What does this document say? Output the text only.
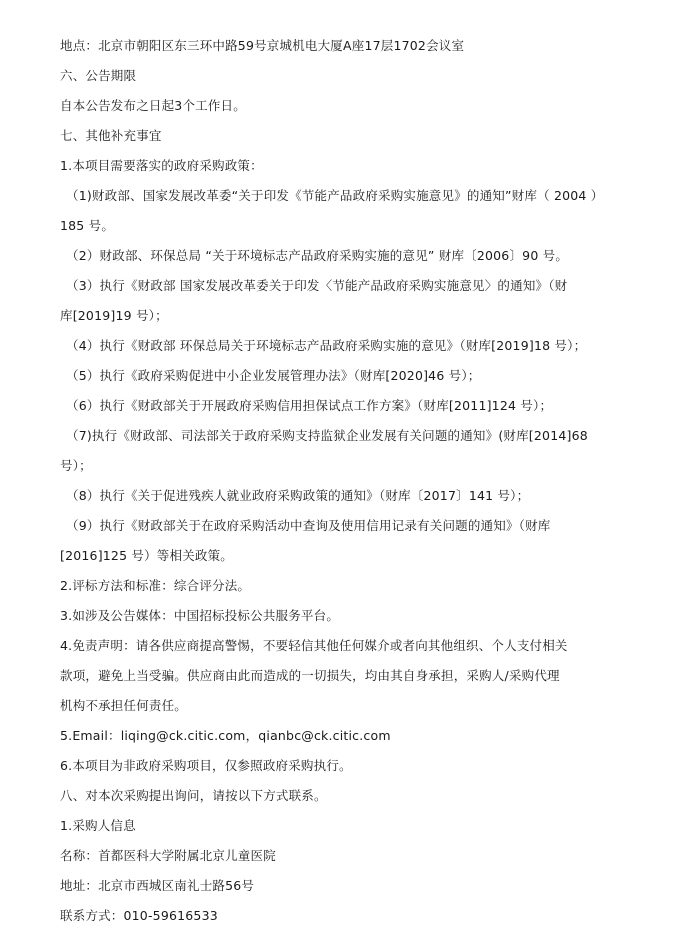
地点：北京市朝阳区东三环中路59号京城机电大厦A座17层1702会议室
六、公告期限
自本公告发布之日起3个工作日。
七、其他补充事宜
1.本项目需要落实的政府采购政策：
（1)财政部、国家发展改革委“关于印发《节能产品政府采购实施意见》的通知”财库（ 2004 ）
185 号。
（2）财政部、环保总局 “关于环境标志产品政府采购实施的意见” 财库〔2006〕90 号。
（3）执行《财政部 国家发展改革委关于印发〈节能产品政府采购实施意见〉的通知》（财
库[2019]19 号）；
（4）执行《财政部 环保总局关于环境标志产品政府采购实施的意见》（财库[2019]18 号）；
（5）执行《政府采购促进中小企业发展管理办法》（财库[2020]46 号）；
（6）执行《财政部关于开展政府采购信用担保试点工作方案》（财库[2011]124 号）；
（7)执行《财政部、司法部关于政府采购支持监狱企业发展有关问题的通知》(财库[2014]68
号）；
（8）执行《关于促进残疾人就业政府采购政策的通知》（财库〔2017〕141 号）；
（9）执行《财政部关于在政府采购活动中查询及使用信用记录有关问题的通知》（财库
[2016]125 号）等相关政策。
2.评标方法和标准：综合评分法。
3.如涉及公告媒体：中国招标投标公共服务平台。
4.免责声明：请各供应商提高警惕，不要轻信其他任何媒介或者向其他组织、个人支付相关
款项，避免上当受骗。供应商由此而造成的一切损失，均由其自身承担，采购人/采购代理
机构不承担任何责任。
5.Email：liqing@ck.citic.com，qianbc@ck.citic.com
6.本项目为非政府采购项目，仅参照政府采购执行。
八、对本次采购提出询问，请按以下方式联系。
1.采购人信息
名称：首都医科大学附属北京儿童医院
地址：北京市西城区南礼士路56号
联系方式：010-59616533
